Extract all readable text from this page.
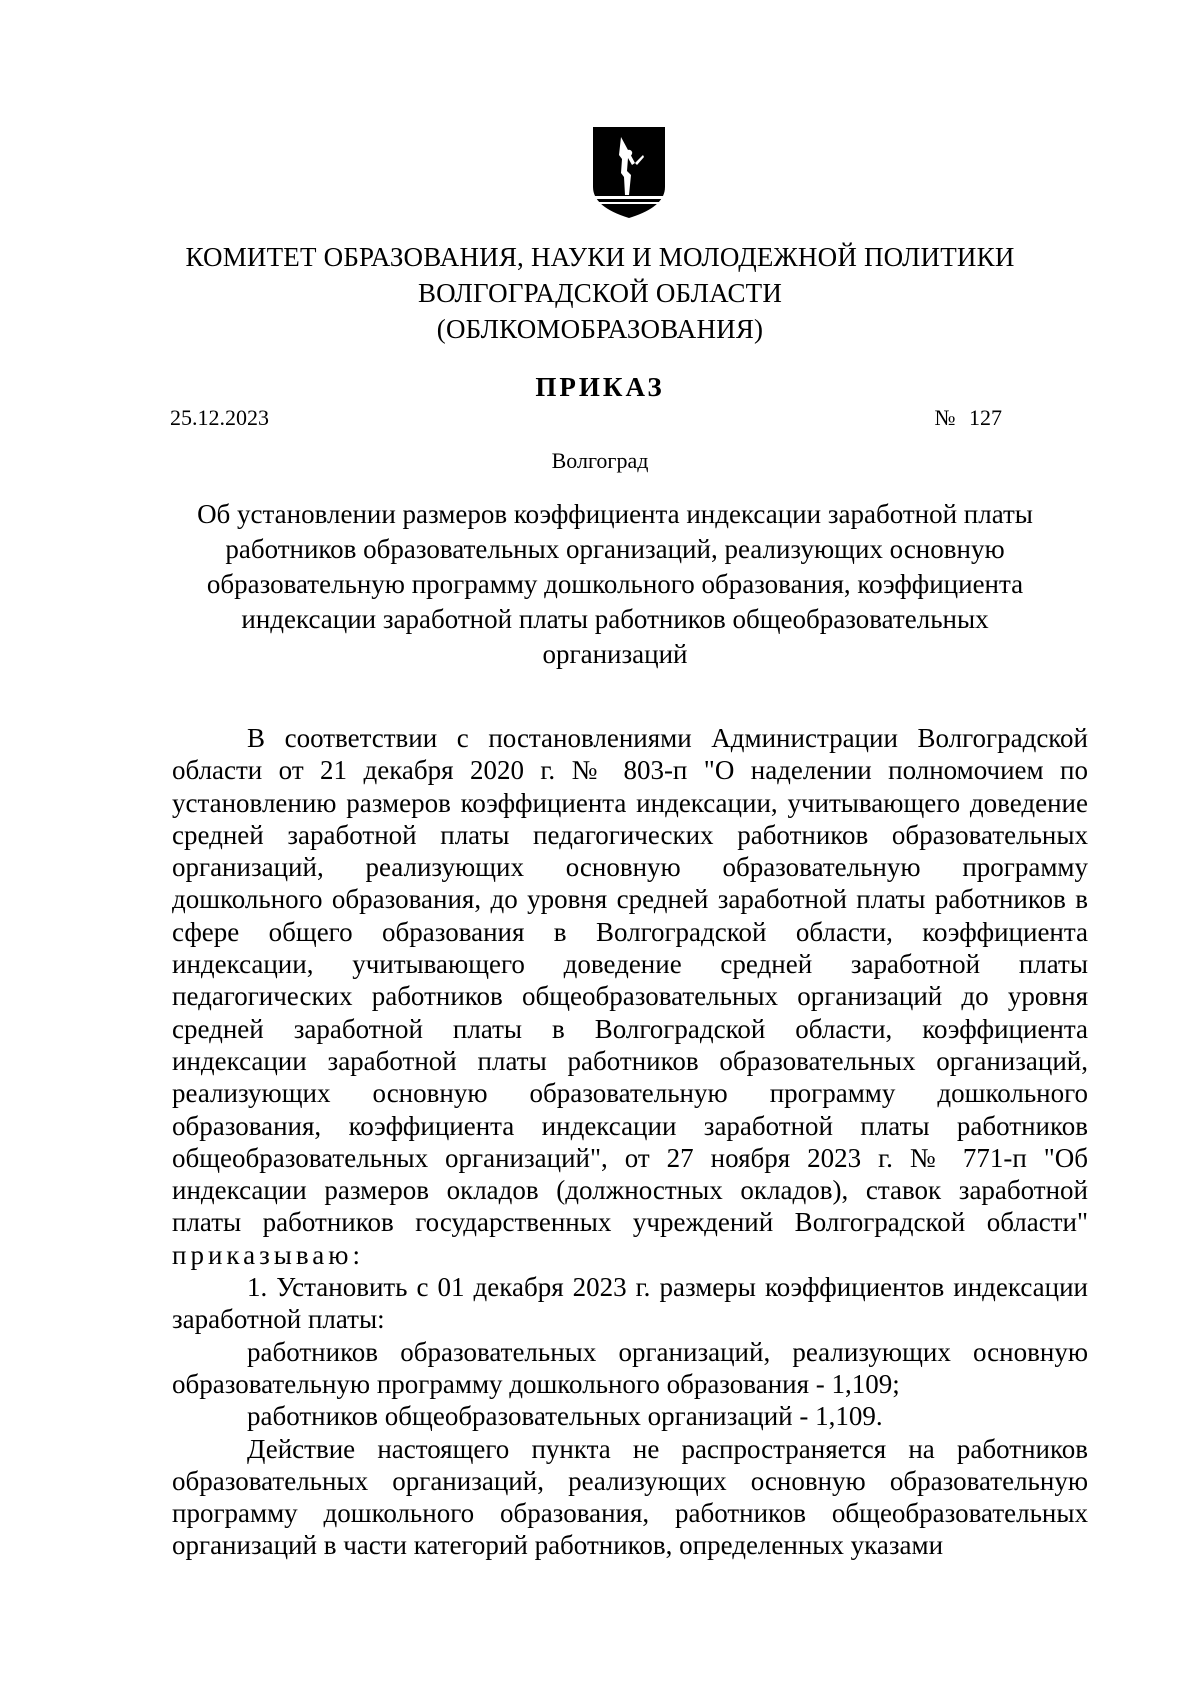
КОМИТЕТ ОБРАЗОВАНИЯ, НАУКИ И МОЛОДЕЖНОЙ ПОЛИТИКИ
ВОЛГОГРАДСКОЙ ОБЛАСТИ
(ОБЛКОМОБРАЗОВАНИЯ)
ПРИКАЗ
25.12.2023	№ 127
Волгоград
Об установлении размеров коэффициента индексации заработной платы
работников образовательных организаций, реализующих основную
образовательную программу дошкольного образования, коэффициента
индексации заработной платы работников общеобразовательных
организаций

В соответствии с постановлениями Администрации Волгоградской области от 21 декабря 2020 г. № 803-п "О наделении полномочием по установлению размеров коэффициента индексации, учитывающего доведение средней заработной платы педагогических работников образовательных организаций, реализующих основную образовательную программу дошкольного образования, до уровня средней заработной платы работников в сфере общего образования в Волгоградской области, коэффициента индексации, учитывающего доведение средней заработной платы педагогических работников общеобразовательных организаций до уровня средней заработной платы в Волгоградской области, коэффициента индексации заработной платы работников образовательных организаций, реализующих основную образовательную программу дошкольного образования, коэффициента индексации заработной платы работников общеобразовательных организаций", от 27 ноября 2023 г. № 771-п "Об индексации размеров окладов (должностных окладов), ставок заработной платы работников государственных учреждений Волгоградской области" приказываю:

1. Установить с 01 декабря 2023 г. размеры коэффициентов индексации заработной платы:

работников образовательных организаций, реализующих основную образовательную программу дошкольного образования - 1,109;

работников общеобразовательных организаций - 1,109.

Действие настоящего пункта не распространяется на работников образовательных организаций, реализующих основную образовательную программу дошкольного образования, работников общеобразовательных организаций в части категорий работников, определенных указами
